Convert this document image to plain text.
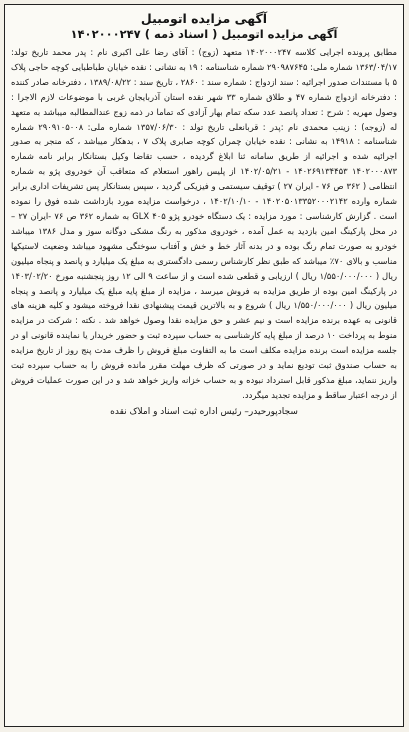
آگهی مزایده اتومبیل
آگهی مزایده اتومبیل ( اسناد ذمه ) ۱۴۰۲۰۰۰۲۴۷

مطابق پرونده اجرایی کلاسه ۱۴۰۲۰۰۰۲۴۷ متعهد (زوج) : آقای رضا علی اکبری نام : پدر محمد تاریخ تولد: ۱۳۶۳/۰۴/۱۷ شماره ملی: ۲۹۰۹۸۷۶۴۵ شماره شناسنامه : ۱۹ به نشانی : نقده خیابان طباطبایی کوچه حاجی پلاک ۵ با مستندات صدور اجرائیه : سند ازدواج : شماره سند : ۲۸۶۰ ، تاریخ سند : ۱۳۸۹/۰۸/۲۲ ، دفترخانه صادر کننده : دفترخانه ازدواج شماره ۴۷ و طلاق شماره ۳۳ شهر نقده استان آذربایجان غربی با موضوعات لازم الاجرا : وصول مهریه : شرح : تعداد پانصد عدد سکه تمام بهار آزادی که تماما در ذمه زوج عندالمطالبه میباشد به متعهد له (زوجه) : زینب محمدی نام :پدر : قربانعلی تاریخ تولد : ۱۳۵۷/۰۶/۳۰ شماره ملی: ۲۹۰۹۱۰۵۰۰۸ شماره شناسنامه : ۱۴۹۱۸ به نشانی : نقده خیابان چمران کوچه صابری پلاک ۷ ، بدهکار میباشد ، که منجر به صدور اجرائیه شده و اجرائیه از طریق سامانه ثنا ابلاغ گردیده ، حسب تقاضا وکیل بستانکار برابر نامه شماره ۱۴۰۲۰۰۰۸۷۳ ۱۴۰۲۶۹۱۳۴۴۵۳ - ۱۴۰۲/۰۵/۲۱ از پلیس راهور استعلام که متعاقب آن خودروی پژو به شماره انتظامی ( ۳۶۲ ص ۷۶ - ایران ۲۷ ) توقیف سیستمی و فیزیکی گردید ، سپس بستانکار پس تشریفات اداری برابر شماره وارده ۱۴۰۲۰۵۰۱۳۳۵۲۰۰۰۲۱۴۲ - ۱۴۰۲/۱۰/۱۰ ، درخواست مزایده مورد بازداشت شده فوق را نموده است . گزارش کارشناسی : مورد مزایده : یک دستگاه خودرو پژو ۴۰۵ GLX به شماره ۳۶۲ ص ۷۶ -ایران ۲۷ – در محل پارکینگ امین بازدید به عمل آمده ، خودروی مذکور به رنگ مشکی دوگانه سوز و مدل ۱۳۸۶ میباشد خودرو به صورت تمام رنگ بوده و در بدنه آثار خط و خش و آفتاب سوختگی مشهود میباشد وضعیت لاستیکها مناسب و بالای ۷۰٪ میباشد که طبق نظر کارشناس رسمی دادگستری به مبلغ یک میلیارد و پانصد و پنجاه میلیون ریال ( ۱/۵۵۰/۰۰۰/۰۰۰ ریال ) ارزیابی و قطعی شده است و از ساعت ۹ الی ۱۲ روز پنجشنبه مورخ ۱۴۰۳/۰۲/۲۰ در پارکینگ امین بوده از طریق مزایده به فروش میرسد ، مزایده از مبلغ پایه مبلغ یک میلیارد و پانصد و پنجاه میلیون ریال ( ۱/۵۵۰/۰۰۰/۰۰۰ ریال ) شروع و به بالاترین قیمت پیشنهادی نقدا فروخته میشود و کلیه هزینه های قانونی به عهده برنده مزایده است و نیم عشر و حق مزایده نقدا وصول خواهد شد . نکته : شرکت در مزایده منوط به پرداخت ۱۰ درصد از مبلغ پایه کارشناسی به حساب سپرده ثبت و حضور خریدار یا نماینده قانونی او در جلسه مزایده است برنده مزایده مکلف است ما به التفاوت مبلغ فروش را ظرف مدت پنج روز از تاریخ مزایده به حساب صندوق ثبت تودیع نماید و در صورتی که ظرف مهلت مقرر مانده فروش را به حساب سپرده ثبت واریز ننماید، مبلغ مذکور قابل استرداد نبوده و به حساب خزانه واریز خواهد شد و در این صورت عملیات فروش از درجه اعتبار ساقط و مزایده تجدید میگردد.

سجادپورحیدر– رئیس اداره ثبت اسناد و املاک نقده
